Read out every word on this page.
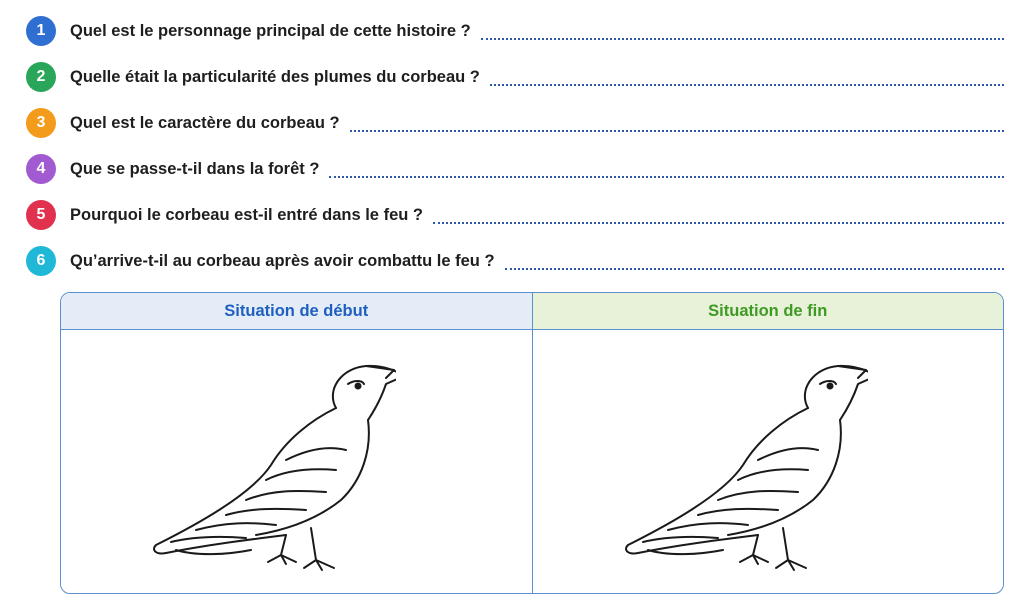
1	Quel est le personnage principal de cette histoire ?
2	Quelle était la particularité des plumes du corbeau ?
3	Quel est le caractère du corbeau ?
4	Que se passe-t-il dans la forêt ?
5	Pourquoi le corbeau est-il entré dans le feu ?
6	Qu’arrive-t-il au corbeau après avoir combattu le feu ?
Situation de début	Situation de fin
